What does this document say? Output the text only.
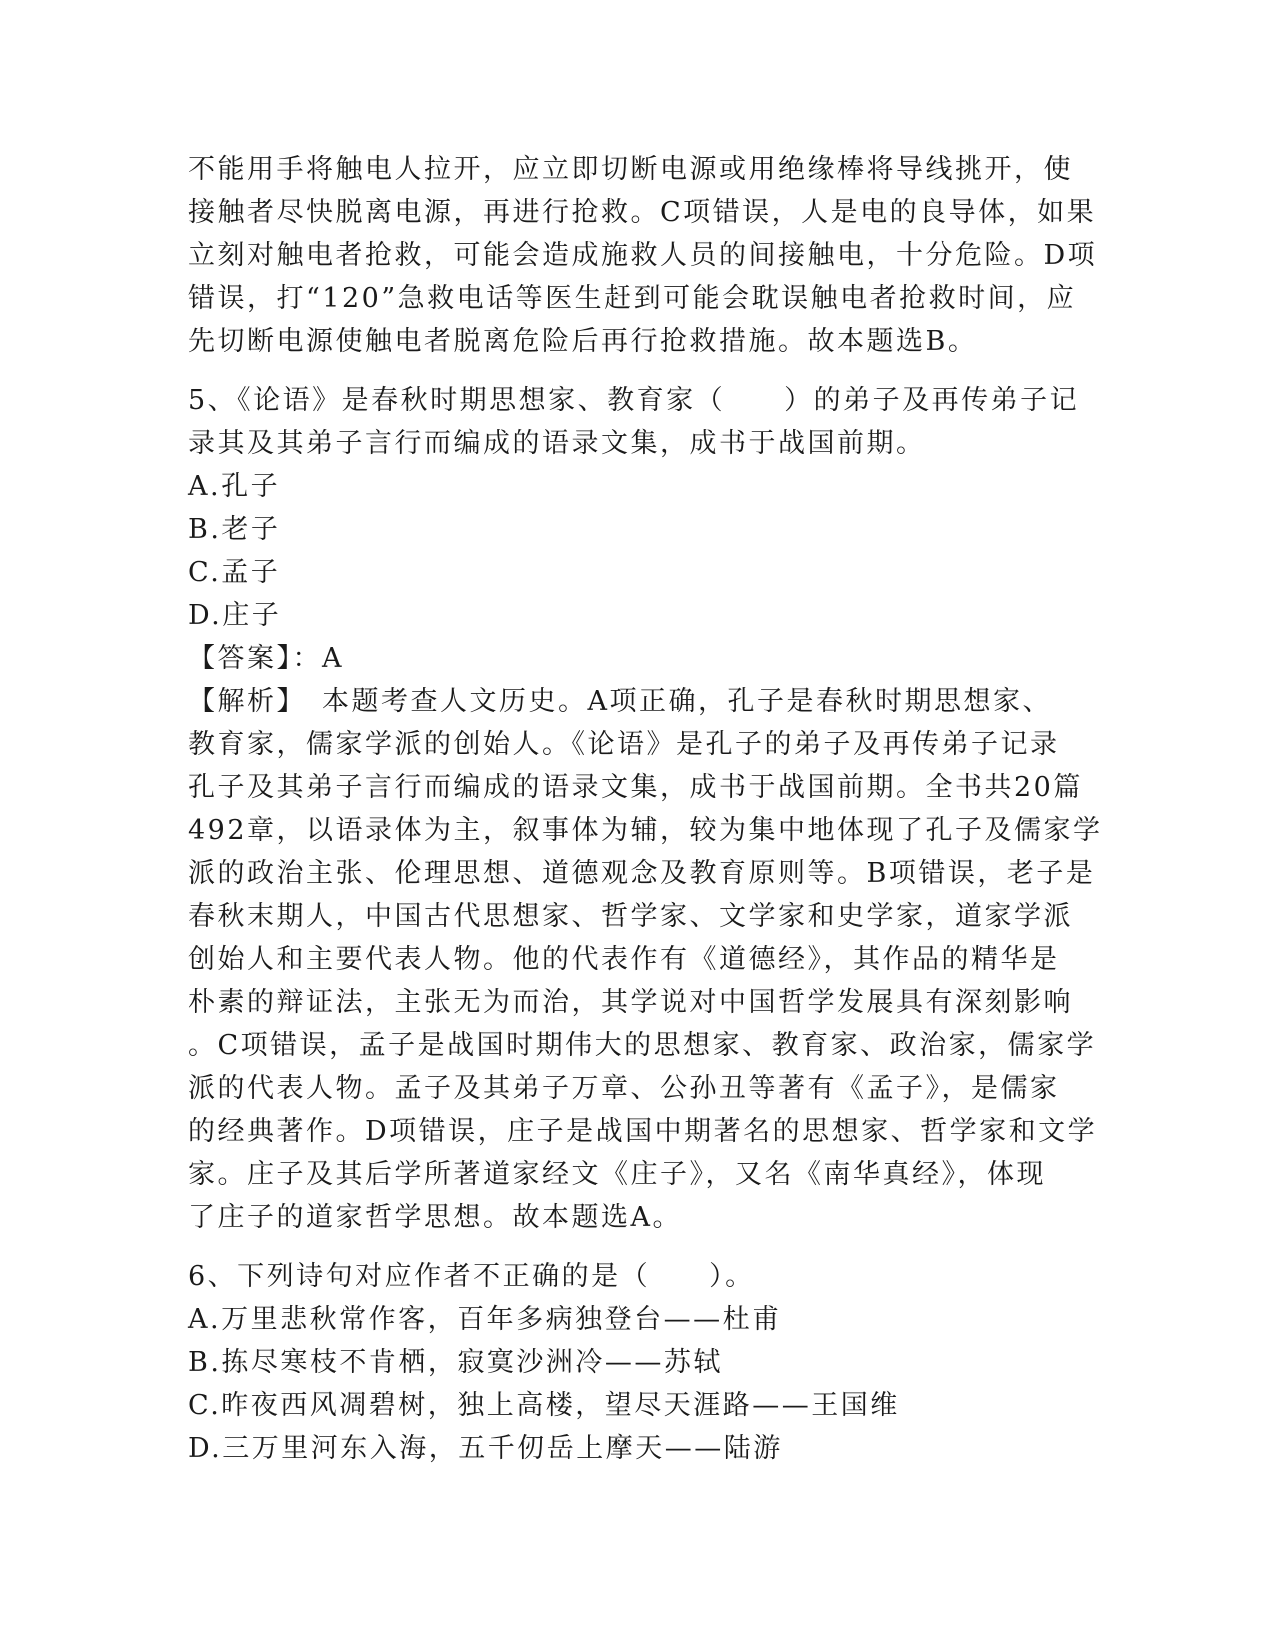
不能用手将触电人拉开，应立即切断电源或用绝缘棒将导线挑开，使
接触者尽快脱离电源，再进行抢救。C项错误，人是电的良导体，如果
立刻对触电者抢救，可能会造成施救人员的间接触电，十分危险。D项
错误，打“120”急救电话等医生赶到可能会耽误触电者抢救时间，应
先切断电源使触电者脱离危险后再行抢救措施。故本题选B。
5、《论语》是春秋时期思想家、教育家（　　）的弟子及再传弟子记
录其及其弟子言行而编成的语录文集，成书于战国前期。
A.孔子
B.老子
C.孟子
D.庄子
【答案】：A
【解析】　本题考查人文历史。A项正确，孔子是春秋时期思想家、
教育家，儒家学派的创始人。《论语》是孔子的弟子及再传弟子记录
孔子及其弟子言行而编成的语录文集，成书于战国前期。全书共20篇
492章，以语录体为主，叙事体为辅，较为集中地体现了孔子及儒家学
派的政治主张、伦理思想、道德观念及教育原则等。B项错误，老子是
春秋末期人，中国古代思想家、哲学家、文学家和史学家，道家学派
创始人和主要代表人物。他的代表作有《道德经》，其作品的精华是
朴素的辩证法，主张无为而治，其学说对中国哲学发展具有深刻影响
。C项错误，孟子是战国时期伟大的思想家、教育家、政治家，儒家学
派的代表人物。孟子及其弟子万章、公孙丑等著有《孟子》，是儒家
的经典著作。D项错误，庄子是战国中期著名的思想家、哲学家和文学
家。庄子及其后学所著道家经文《庄子》，又名《南华真经》，体现
了庄子的道家哲学思想。故本题选A。
6、下列诗句对应作者不正确的是（　　）。
A.万里悲秋常作客，百年多病独登台——杜甫
B.拣尽寒枝不肯栖，寂寞沙洲冷——苏轼
C.昨夜西风凋碧树，独上高楼，望尽天涯路——王国维
D.三万里河东入海，五千仞岳上摩天——陆游
